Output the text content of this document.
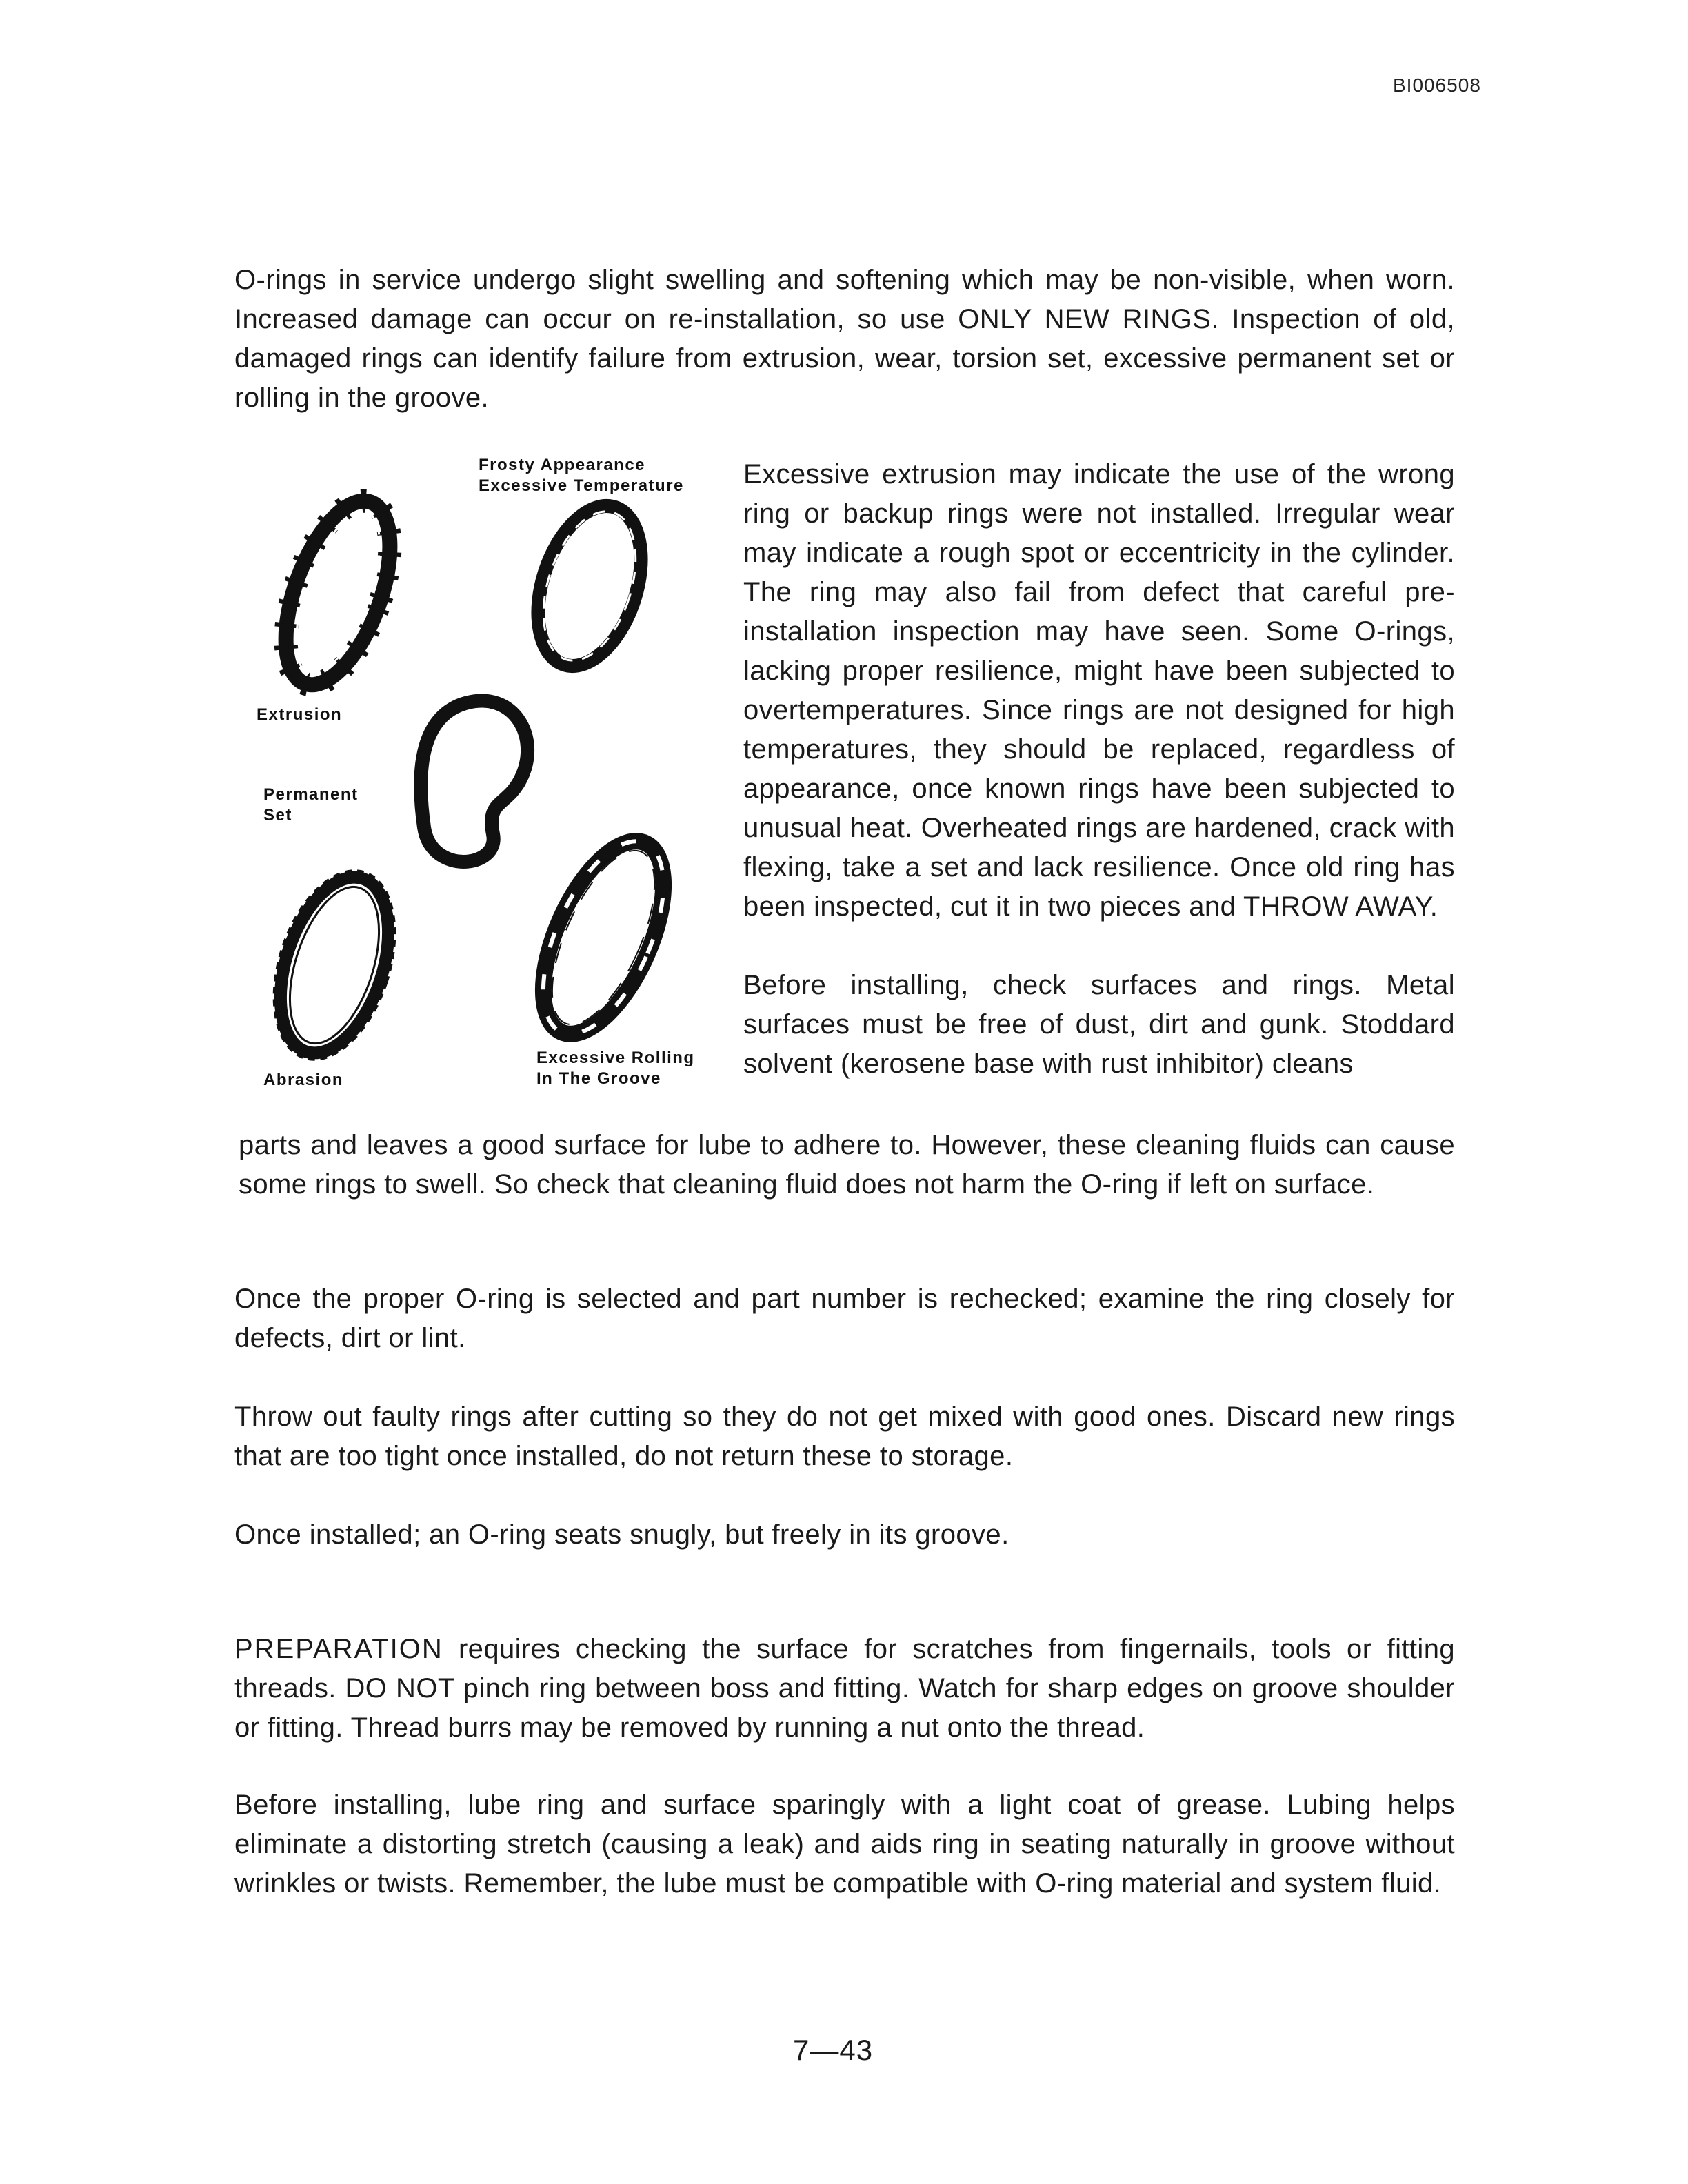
BI006508
O-rings in service undergo slight swelling and softening which may be non-visible, when worn. Increased damage can occur on re-installation, so use ONLY NEW RINGS. Inspection of old, damaged rings can identify failure from extrusion, wear, torsion set, excessive permanent set or rolling in the groove.
Frosty Appearance
Excessive Temperature
Extrusion
Permanent
Set
Abrasion
Excessive Rolling
In The Groove
Excessive extrusion may indicate the use of the wrong ring or backup rings were not installed. Irregular wear may indicate a rough spot or eccentricity in the cylinder. The ring may also fail from defect that careful pre-installation inspection may have seen. Some O-rings, lacking proper resilience, might have been subjected to overtemperatures. Since rings are not designed for high temperatures, they should be replaced, regardless of appearance, once known rings have been subjected to unusual heat. Overheated rings are hardened, crack with flexing, take a set and lack resilience. Once old ring has been inspected, cut it in two pieces and THROW AWAY.
Before installing, check surfaces and rings. Metal surfaces must be free of dust, dirt and gunk. Stoddard solvent (kerosene base with rust inhibitor) cleans
parts and leaves a good surface for lube to adhere to. However, these cleaning fluids can cause some rings to swell. So check that cleaning fluid does not harm the O-ring if left on surface.
Once the proper O-ring is selected and part number is rechecked; examine the ring closely for defects, dirt or lint.
Throw out faulty rings after cutting so they do not get mixed with good ones. Discard new rings that are too tight once installed, do not return these to storage.
Once installed; an O-ring seats snugly, but freely in its groove.
PREPARATION requires checking the surface for scratches from fingernails, tools or fitting threads. DO NOT pinch ring between boss and fitting. Watch for sharp edges on groove shoulder or fitting. Thread burrs may be removed by running a nut onto the thread.
Before installing, lube ring and surface sparingly with a light coat of grease. Lubing helps eliminate a distorting stretch (causing a leak) and aids ring in seating naturally in groove without wrinkles or twists. Remember, the lube must be compatible with O-ring material and system fluid.
7—43
